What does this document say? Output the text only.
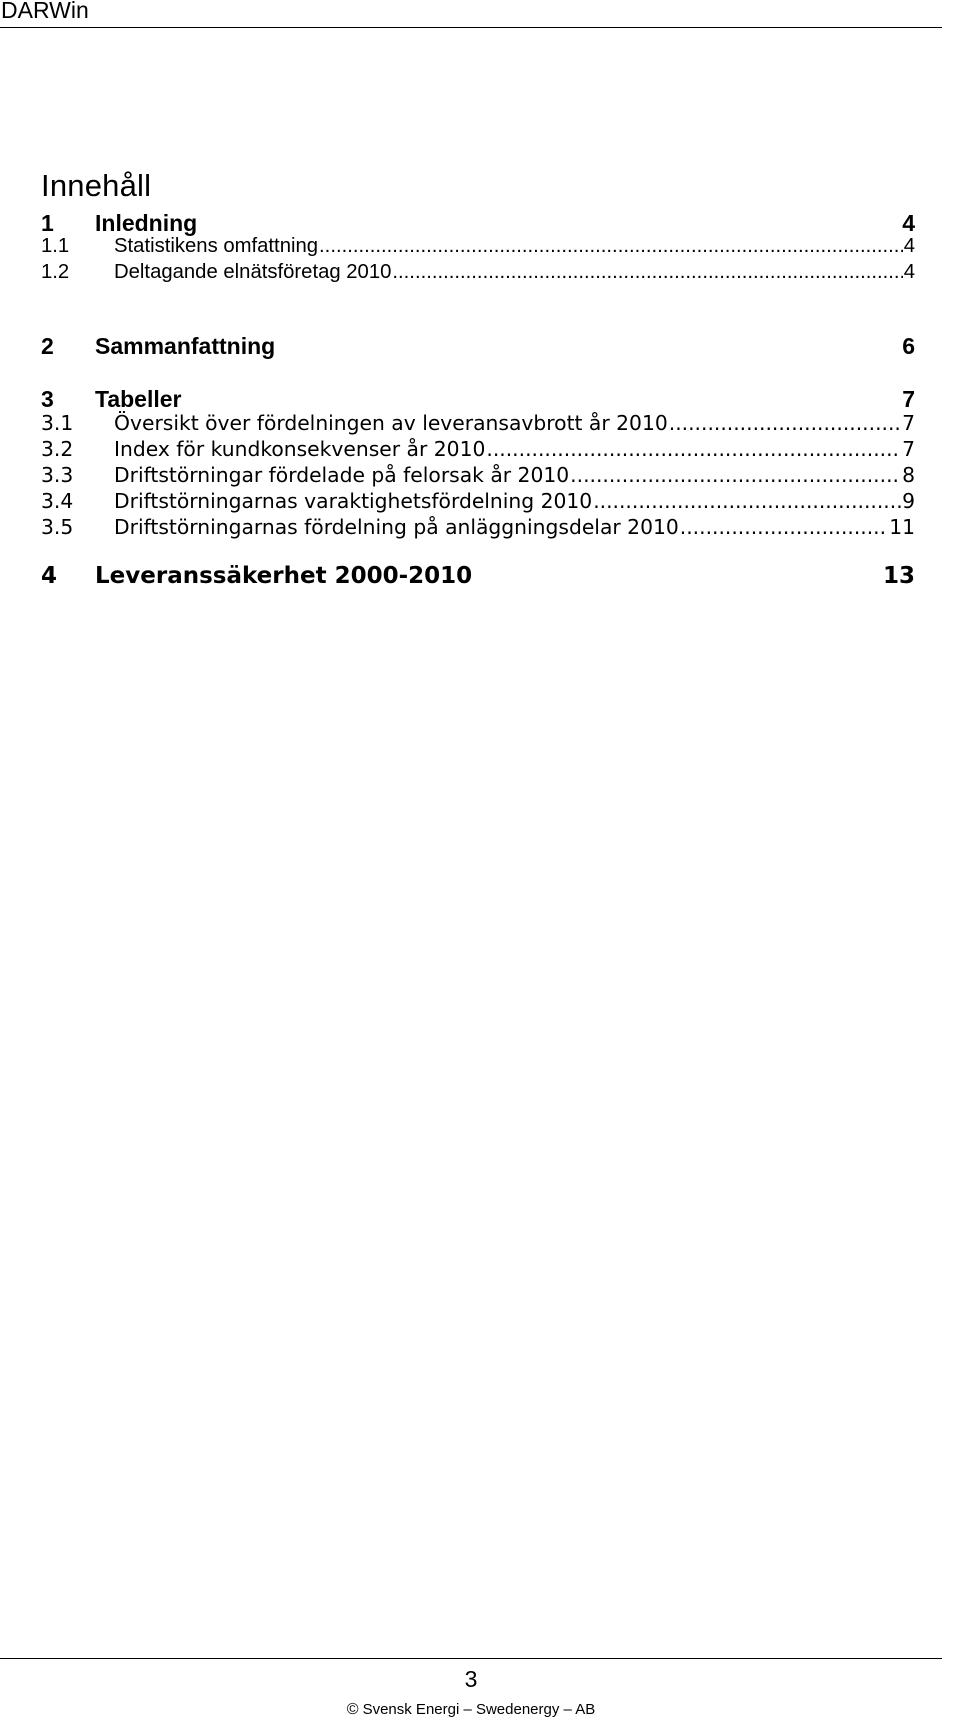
DARWin
Innehåll
1	Inledning	4
1.1	Statistikens omfattning .....	4
1.2	Deltagande elnätsföretag 2010 .....	4
2	Sammanfattning	6
3	Tabeller	7
3.1	Översikt över fördelningen av leveransavbrott år 2010 .....	7
3.2	Index för kundkonsekvenser år 2010 .....	7
3.3	Driftstörningar fördelade på felorsak år 2010 .....	8
3.4	Driftstörningarnas varaktighetsfördelning 2010 .....	9
3.5	Driftstörningarnas fördelning på anläggningsdelar 2010 .....	11
4	Leveranssäkerhet 2000-2010	13
3
© Svensk Energi – Swedenergy – AB
